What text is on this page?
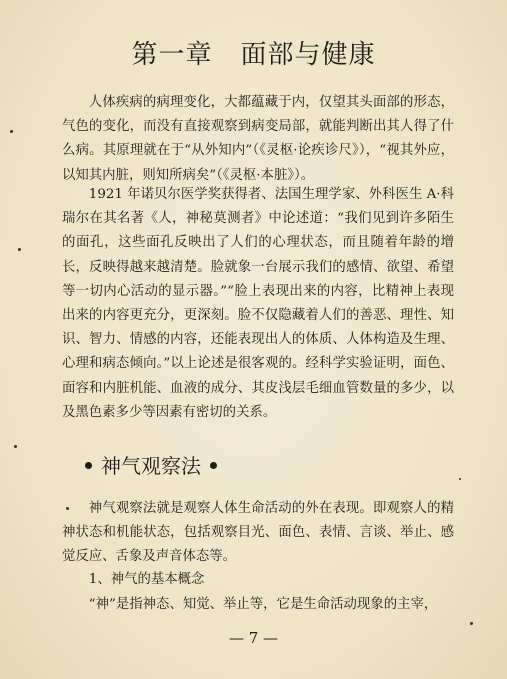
第一章 面部与健康

人体疾病的病理变化，大都蕴藏于内，仅望其头面部的形态，气色的变化，而没有直接观察到病变局部，就能判断出其人得了什么病。其原理就在于“从外知内”（《灵枢·论疾诊尺》），“视其外应，以知其内脏，则知所病矣”（《灵枢·本脏》）。

1921 年诺贝尔医学奖获得者、法国生理学家、外科医生 A·科瑞尔在其名著《人，神秘莫测者》中论述道：“我们见到许多陌生的面孔，这些面孔反映出了人们的心理状态，而且随着年龄的增长，反映得越来越清楚。脸就象一台展示我们的感情、欲望、希望等一切内心活动的显示器。”“脸上表现出来的内容，比精神上表现出来的内容更充分，更深刻。脸不仅隐藏着人们的善恶、理性、知识、智力、情感的内容，还能表现出人的体质、人体构造及生理、心理和病态倾向。”以上论述是很客观的。经科学实验证明，面色、面容和内脏机能、血液的成分、其皮浅层毛细血管数量的多少，以及黑色素多少等因素有密切的关系。

神气观察法

神气观察法就是观察人体生命活动的外在表现。即观察人的精神状态和机能状态，包括观察目光、面色、表情、言谈、举止、感觉反应、舌象及声音体态等。

1、神气的基本概念

“神”是指神态、知觉、举止等，它是生命活动现象的主宰，

— 7 —
